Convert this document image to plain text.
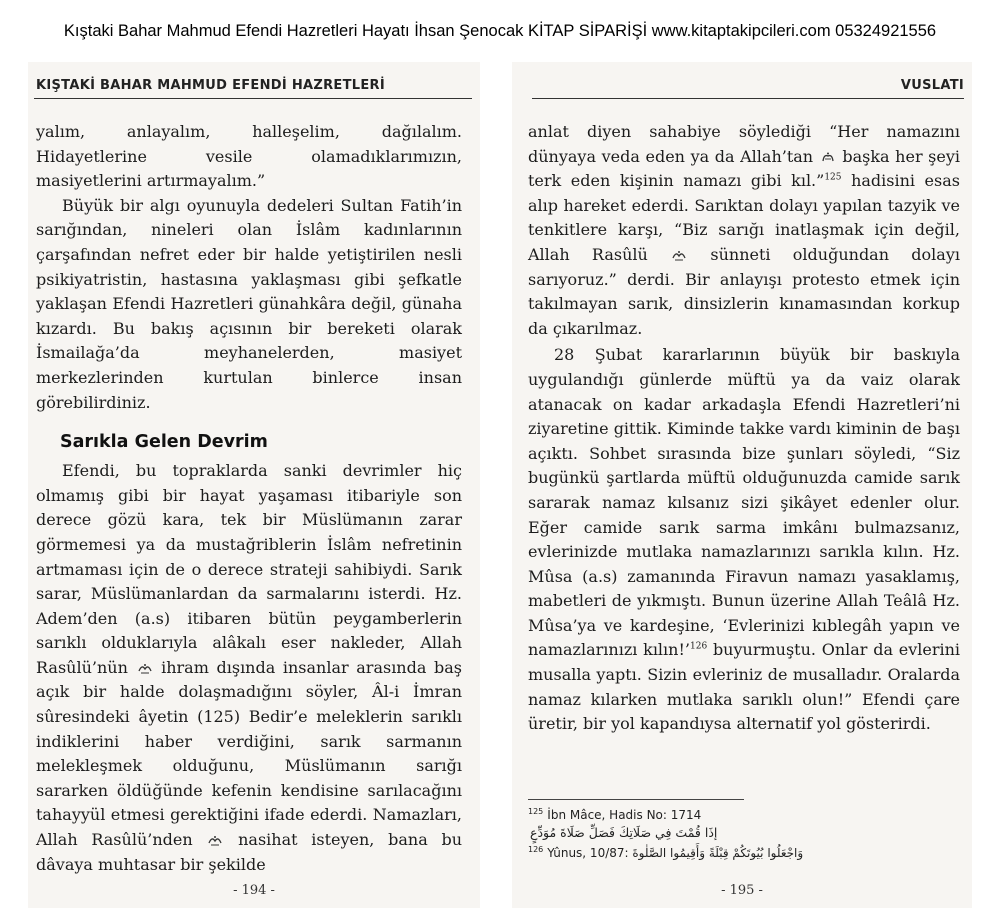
Kıştaki Bahar Mahmud Efendi Hazretleri Hayatı İhsan Şenocak KİTAP SİPARİŞİ www.kitaptakipcileri.com 05324921556
KIŞTAKİ BAHAR MAHMUD EFENDİ HAZRETLERİ

yalım, anlayalım, halleşelim, dağılalım. Hidayetlerine vesile olamadıklarımızın, masiyetlerini artırmayalım.”

Büyük bir algı oyunuyla dedeleri Sultan Fatih’in sarığından, nineleri olan İslâm kadınlarının çarşafından nefret eder bir halde yetiştirilen nesli psikiyatristin, hastasına yaklaşması gibi şefkatle yaklaşan Efendi Hazretleri günahkâra değil, günaha kızardı. Bu bakış açısının bir bereketi olarak İsmailağa’da meyhanelerden, masiyet merkezlerinden kurtulan binlerce insan görebilirdiniz.

Sarıkla Gelen Devrim

Efendi, bu topraklarda sanki devrimler hiç olmamış gibi bir hayat yaşaması itibariyle son derece gözü kara, tek bir Müslümanın zarar görmemesi ya da mustağriblerin İslâm nefretinin artmaması için de o derece strateji sahibiydi. Sarık sarar, Müslümanlardan da sarmalarını isterdi. Hz. Adem’den (a.s) itibaren bütün peygamberlerin sarıklı olduklarıyla alâkalı eser nakleder, Allah Rasûlü’nün ihram dışında insanlar arasında baş açık bir halde dolaşmadığını söyler, Âl-i İmran sûresindeki âyetin (125) Bedir’e meleklerin sarıklı indiklerini haber verdiğini, sarık sarmanın melekleşmek olduğunu, Müslümanın sarığı sararken öldüğünde kefenin kendisine sarılacağını tahayyül etmesi gerektiğini ifade ederdi. Namazları, Allah Rasûlü’nden	nasihat isteyen, bana bu dâvaya muhtasar bir şekilde

- 194 -
VUSLATI

anlat diyen sahabiye söylediği “Her namazını dünyaya veda eden ya da Allah’tan başka her şeyi terk eden kişinin namazı gibi kıl.”$^{125}$ hadisini esas alıp hareket ederdi. Sarıktan dolayı yapılan tazyik ve tenkitlere karşı, “Biz sarığı inatlaşmak için değil, Allah Rasûlü	sünneti olduğundan dolayı sarıyoruz.” derdi. Bir anlayışı protesto etmek için takılmayan sarık, dinsizlerin kınamasından korkup da çıkarılmaz.

28 Şubat kararlarının büyük bir baskıyla uygulandığı günlerde müftü ya da vaiz olarak atanacak on kadar arkadaşla Efendi Hazretleri’ni ziyaretine gittik. Kiminde takke vardı kiminin de başı açıktı. Sohbet sırasında bize şunları söyledi, “Siz bugünkü şartlarda müftü olduğunuzda camide sarık sararak namaz kılsanız sizi şikâyet edenler olur. Eğer camide sarık sarma imkânı bulmazsanız, evlerinizde mutlaka namazlarınızı sarıkla kılın. Hz. Mûsa (a.s) zamanında Firavun namazı yasaklamış, mabetleri de yıkmıştı. Bunun üzerine Allah Teâlâ Hz. Mûsa’ya ve kardeşine, ‘Evlerinizi kıblegâh yapın ve namazlarınızı kılın!’$^{126}$ buyurmuştu. Onlar da evlerini musalla yaptı. Sizin evleriniz de musalladır. Oralarda namaz kılarken mutlaka sarıklı olun!” Efendi çare üretir, bir yol kapandıysa alternatif yol gösterirdi.

$^{125}$ İbn Mâce, Hadis No: 1714

إذَا قُمْتَ فِي صَلَاتِكَ فَصَلِّ صَلَاةَ مُوَدِّعٍ

$^{126}$ Yûnus, 10/87: وَاجْعَلُوا بُيُوتَكُمْ قِبْلَةً وَأَقِيمُوا الصَّلٰوةَ

- 195 -
